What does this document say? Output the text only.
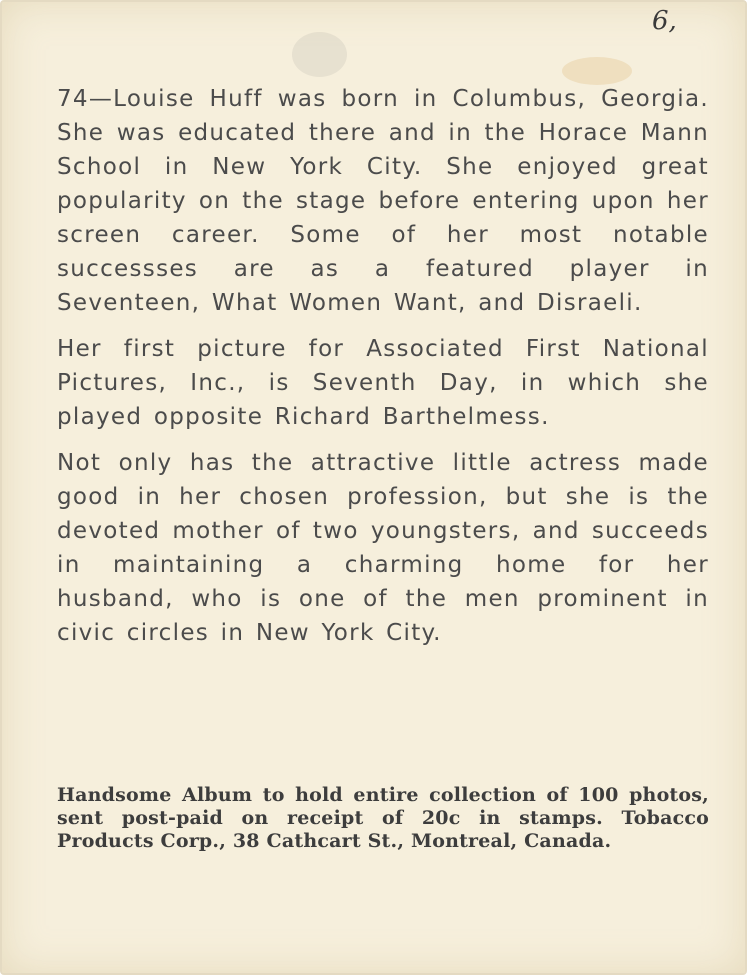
6,

74—Louise Huff was born in Columbus, Georgia. She was educated there and in the Horace Mann School in New York City. She enjoyed great popularity on the stage before entering upon her screen career. Some of her most notable successses are as a featured player in Seventeen, What Women Want, and Disraeli.

Her first picture for Associated First National Pictures, Inc., is Seventh Day, in which she played opposite Richard Barthelmess.

Not only has the attractive little actress made good in her chosen profession, but she is the devoted mother of two youngsters, and succeeds in maintaining a charming home for her husband, who is one of the men prominent in civic circles in New York City.

Handsome Album to hold entire collection of 100 photos, sent post-paid on receipt of 20c in stamps. Tobacco Products Corp., 38 Cathcart St., Montreal, Canada.
